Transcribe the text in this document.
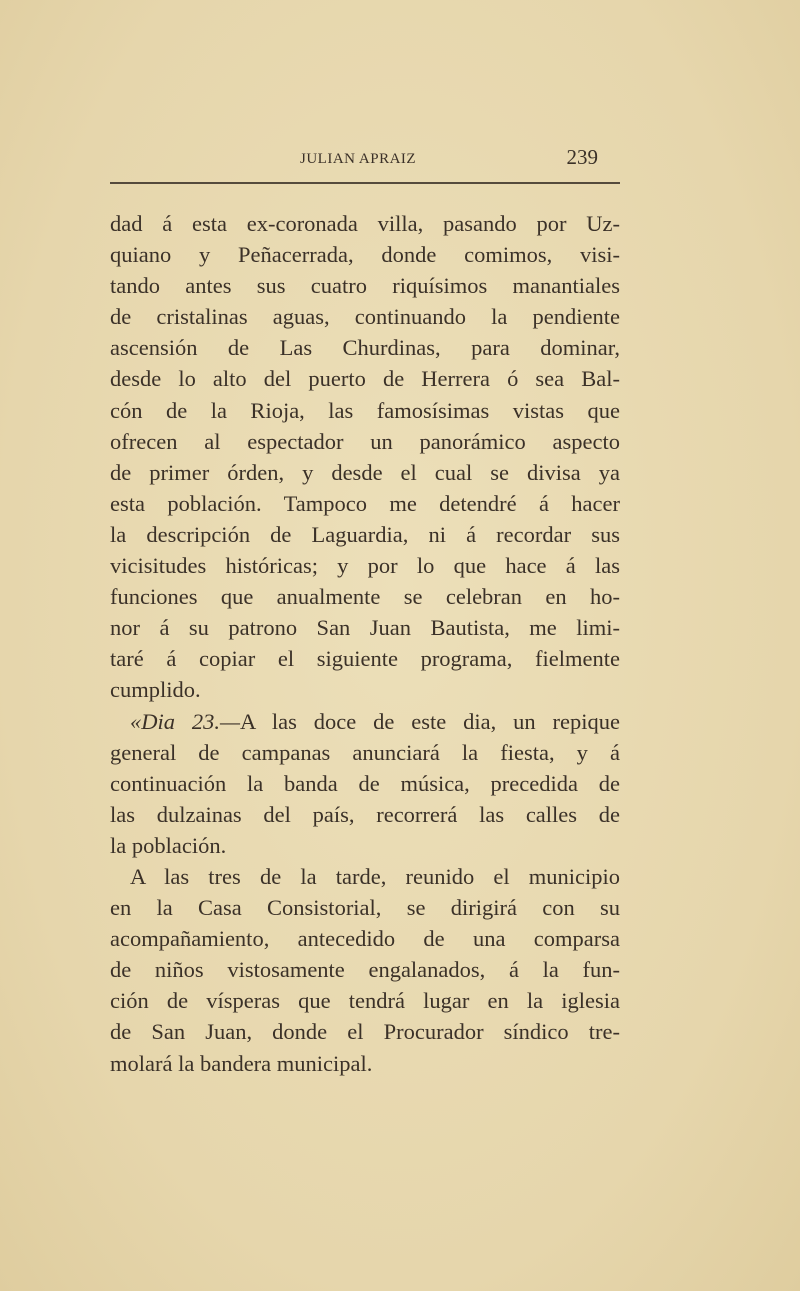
JULIAN APRAIZ	239
dad á esta ex-coronada villa, pasando por Uz-
quiano y Peñacerrada, donde comimos, visi-
tando antes sus cuatro riquísimos manantiales
de cristalinas aguas, continuando la pendiente
ascensión de Las Churdinas, para dominar,
desde lo alto del puerto de Herrera ó sea Bal-
cón de la Rioja, las famosísimas vistas que
ofrecen al espectador un panorámico aspecto
de primer órden, y desde el cual se divisa ya
esta población. Tampoco me detendré á hacer
la descripción de Laguardia, ni á recordar sus
vicisitudes históricas; y por lo que hace á las
funciones que anualmente se celebran en ho-
nor á su patrono San Juan Bautista, me limi-
taré á copiar el siguiente programa, fielmente
cumplido.
«Dia 23.—A las doce de este dia, un repique
general de campanas anunciará la fiesta, y á
continuación la banda de música, precedida de
las dulzainas del país, recorrerá las calles de
la población.
A las tres de la tarde, reunido el municipio
en la Casa Consistorial, se dirigirá con su
acompañamiento, antecedido de una comparsa
de niños vistosamente engalanados, á la fun-
ción de vísperas que tendrá lugar en la iglesia
de San Juan, donde el Procurador síndico tre-
molará la bandera municipal.
